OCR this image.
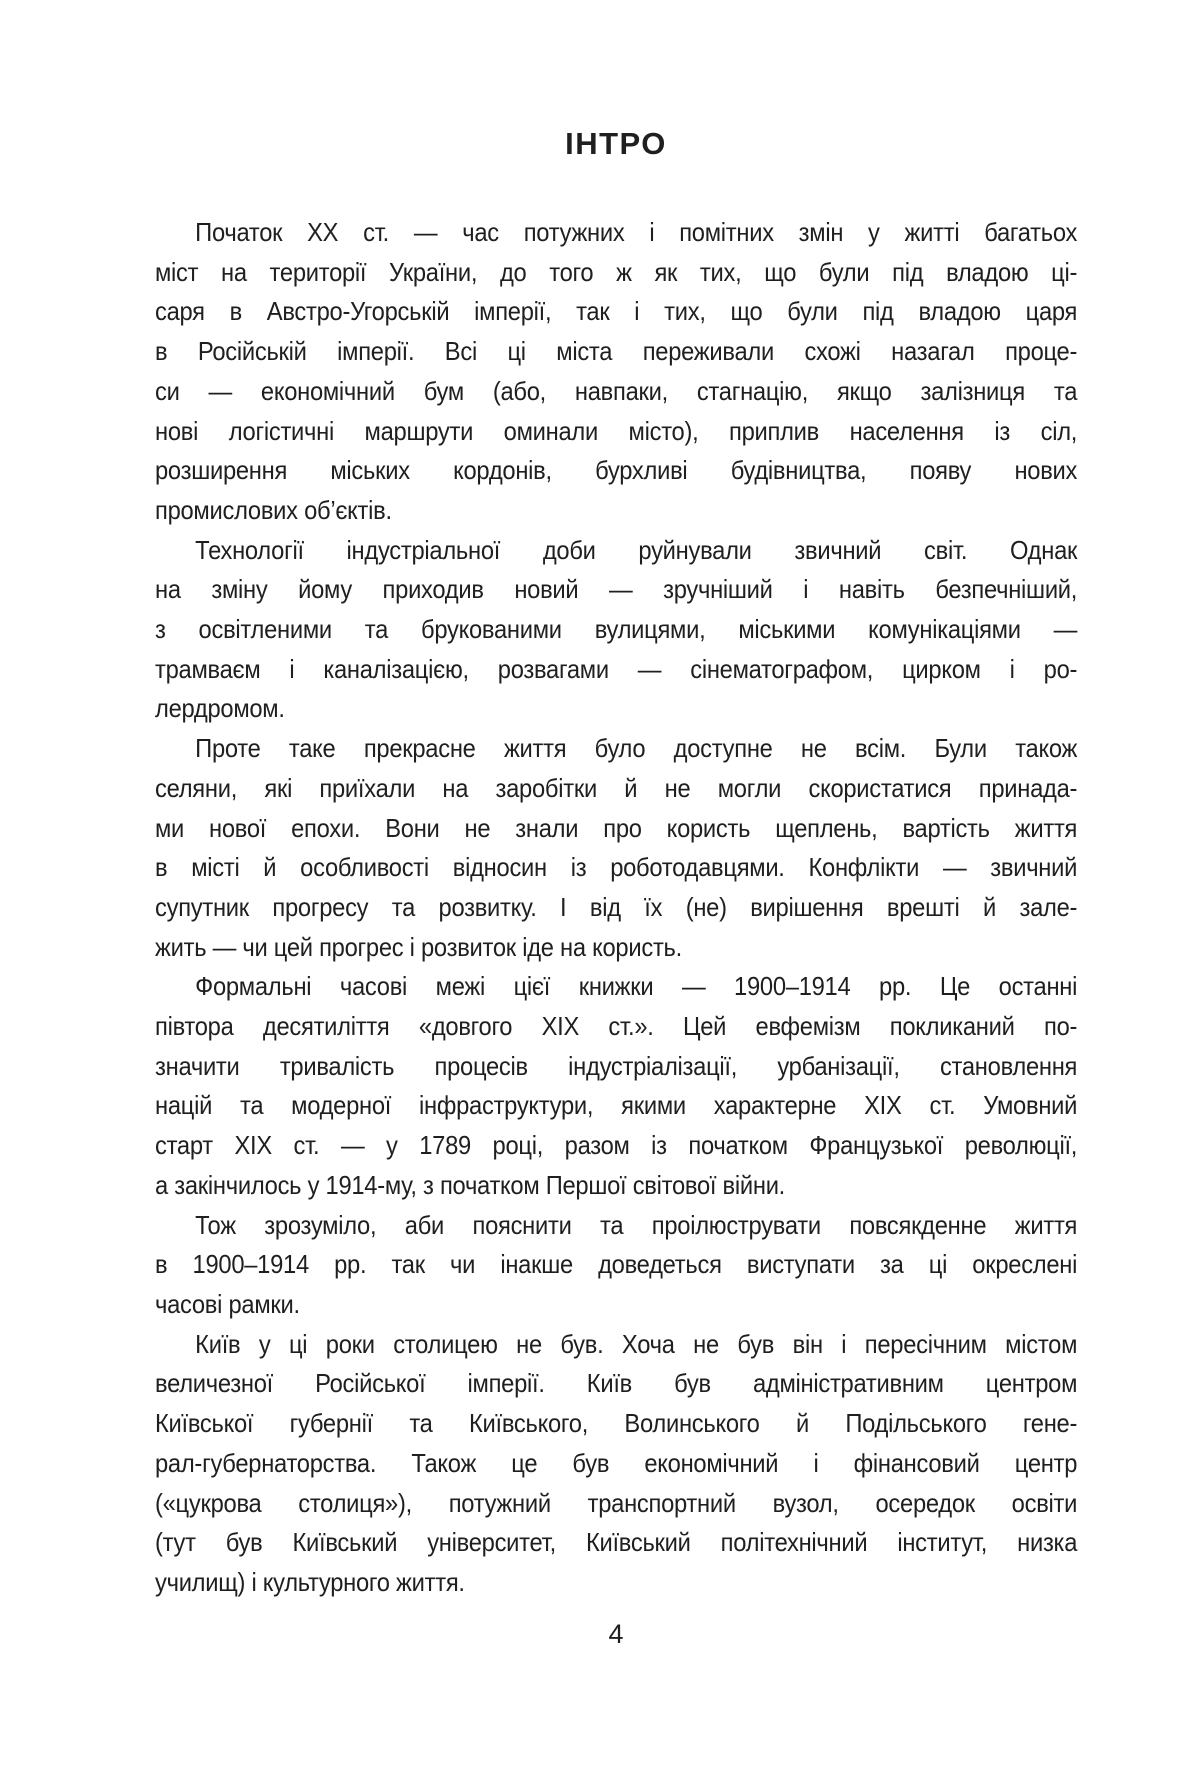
ІНТРО

Початок ХХ ст. — час потужних і помітних змін у житті багатьох
міст на території України, до того ж як тих, що були під владою ці-
саря в Австро-Угорській імперії, так і тих, що були під владою царя
в Російській імперії. Всі ці міста переживали схожі назагал проце-
си — економічний бум (або, навпаки, стагнацію, якщо залізниця та
нові логістичні маршрути оминали місто), приплив населення із сіл,
розширення міських кордонів, бурхливі будівництва, появу нових
промислових об’єктів.

Технології індустріальної доби руйнували звичний світ. Однак
на зміну йому приходив новий — зручніший і навіть безпечніший,
з освітленими та брукованими вулицями, міськими комунікаціями —
трамваєм і каналізацією, розвагами — сінематографом, цирком і ро-
лердромом.

Проте таке прекрасне життя було доступне не всім. Були також
селяни, які приїхали на заробітки й не могли скористатися принада-
ми нової епохи. Вони не знали про користь щеплень, вартість життя
в місті й особливості відносин із роботодавцями. Конфлікти — звичний
супутник прогресу та розвитку. І від їх (не) вирішення врешті й зале-
жить — чи цей прогрес і розвиток іде на користь.

Формальні часові межі цієї книжки — 1900–1914 рр. Це останні
півтора десятиліття «довгого XIX ст.». Цей евфемізм покликаний по-
значити тривалість процесів індустріалізації, урбанізації, становлення
націй та модерної інфраструктури, якими характерне XIX ст. Умовний
старт XIX ст. — у 1789 році, разом із початком Французької революції,
а закінчилось у 1914-му, з початком Першої світової війни.

Тож зрозуміло, аби пояснити та проілюструвати повсякденне життя
в 1900–1914 рр. так чи інакше доведеться виступати за ці окреслені
часові рамки.

Київ у ці роки столицею не був. Хоча не був він і пересічним містом
величезної Російської імперії. Київ був адміністративним центром
Київської губернії та Київського, Волинського й Подільського гене-
рал-губернаторства. Також це був економічний і фінансовий центр
(«цукрова столиця»), потужний транспортний вузол, осередок освіти
(тут був Київський університет, Київський політехнічний інститут, низка
училищ) і культурного життя.

4
